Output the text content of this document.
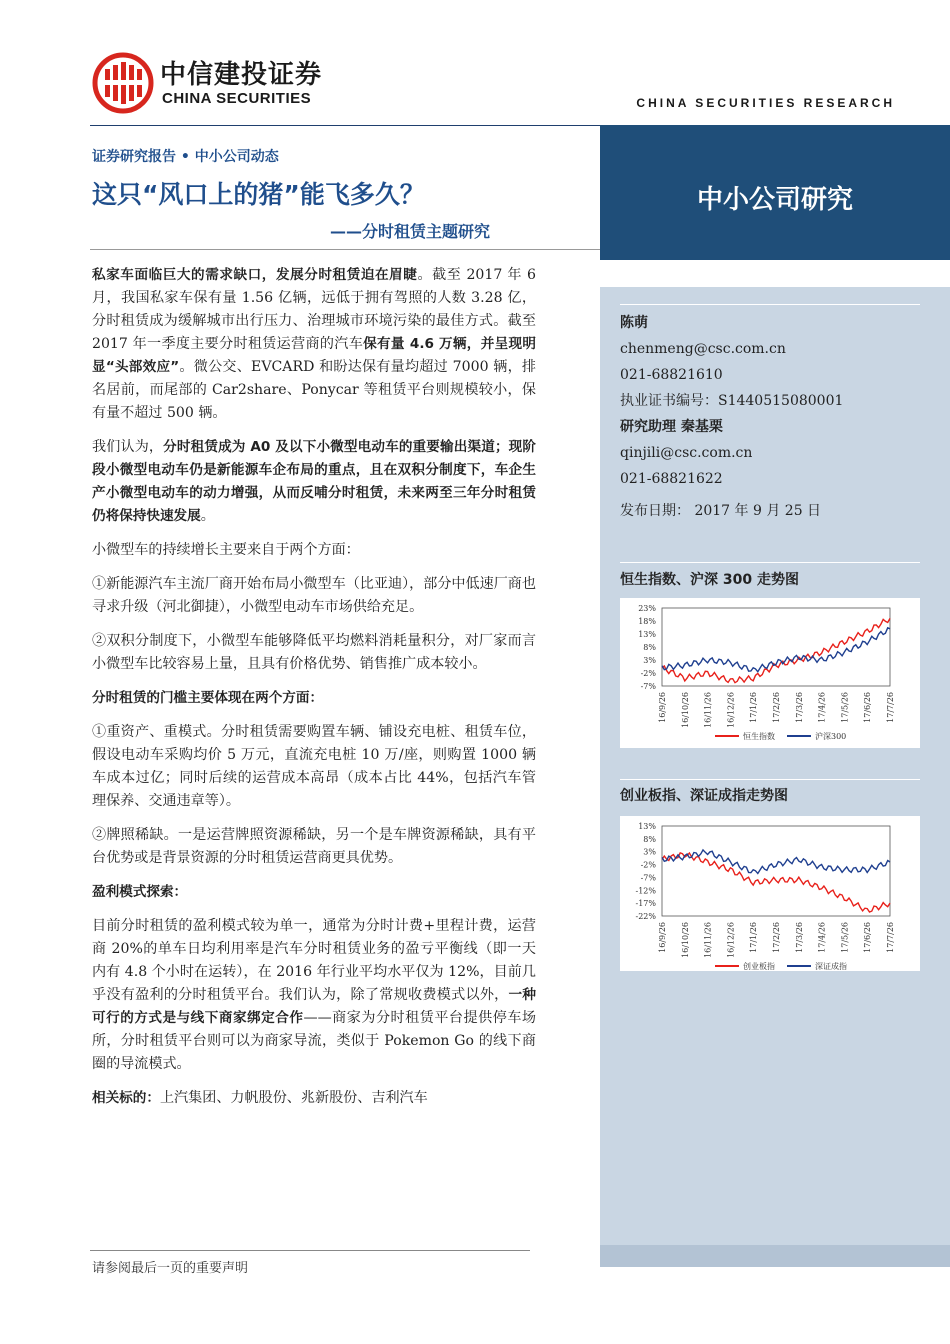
中信建投证券
CHINA SECURITIES	CHINA SECURITIES RESEARCH
中小公司研究
证券研究报告 • 中小公司动态
这只“风口上的猪”能飞多久？
——分时租赁主题研究

私家车面临巨大的需求缺口，发展分时租赁迫在眉睫。截至 2017 年 6 月，我国私家车保有量 1.56 亿辆，远低于拥有驾照的人数 3.28 亿，分时租赁成为缓解城市出行压力、治理城市环境污染的最佳方式。截至 2017 年一季度主要分时租赁运营商的汽车保有量 4.6 万辆，并呈现明显“头部效应”。微公交、EVCARD 和盼达保有量均超过 7000 辆，排名居前，而尾部的 Car2share、Ponycar 等租赁平台则规模较小，保有量不超过 500 辆。

我们认为，分时租赁成为 A0 及以下小微型电动车的重要输出渠道；现阶段小微型电动车仍是新能源车企布局的重点，且在双积分制度下，车企生产小微型电动车的动力增强，从而反哺分时租赁，未来两至三年分时租赁仍将保持快速发展。

小微型车的持续增长主要来自于两个方面：

①新能源汽车主流厂商开始布局小微型车（比亚迪），部分中低速厂商也寻求升级（河北御捷），小微型电动车市场供给充足。

②双积分制度下，小微型车能够降低平均燃料消耗量积分，对厂家而言小微型车比较容易上量，且具有价格优势、销售推广成本较小。

分时租赁的门槛主要体现在两个方面：

①重资产、重模式。分时租赁需要购置车辆、铺设充电桩、租赁车位，假设电动车采购均价 5 万元，直流充电桩 10 万/座，则购置 1000 辆车成本过亿；同时后续的运营成本高昂（成本占比 44%，包括汽车管理保养、交通违章等）。

②牌照稀缺。一是运营牌照资源稀缺，另一个是车牌资源稀缺，具有平台优势或是背景资源的分时租赁运营商更具优势。

盈利模式探索：

目前分时租赁的盈利模式较为单一，通常为分时计费+里程计费，运营商 20%的单车日均利用率是汽车分时租赁业务的盈亏平衡线（即一天内有 4.8 个小时在运转），在 2016 年行业平均水平仅为 12%，目前几乎没有盈利的分时租赁平台。我们认为，除了常规收费模式以外，一种可行的方式是与线下商家绑定合作——商家为分时租赁平台提供停车场所，分时租赁平台则可以为商家导流，类似于 Pokemon Go 的线下商圈的导流模式。

相关标的：上汽集团、力帆股份、兆新股份、吉利汽车

请参阅最后一页的重要声明
陈萌
chenmeng@csc.com.cn
021-68821610
执业证书编号：S1440515080001
研究助理 秦基栗
qinjili@csc.com.cn
021-68821622
发布日期： 2017 年 9 月 25 日
恒生指数、沪深 300 走势图
23%
18%
13%
8%
3%
-2%
-7%
16/9/26 16/10/26 16/11/26 16/12/26 17/1/26 17/2/26 17/3/26 17/4/26 17/5/26 17/6/26 17/7/26
恒生指数	沪深300
创业板指、深证成指走势图
13%
8%
3%
-2%
-7%
-12%
-17%
-22%
16/9/26 16/10/26 16/11/26 16/12/26 17/1/26 17/2/26 17/3/26 17/4/26 17/5/26 17/6/26 17/7/26
创业板指	深证成指
